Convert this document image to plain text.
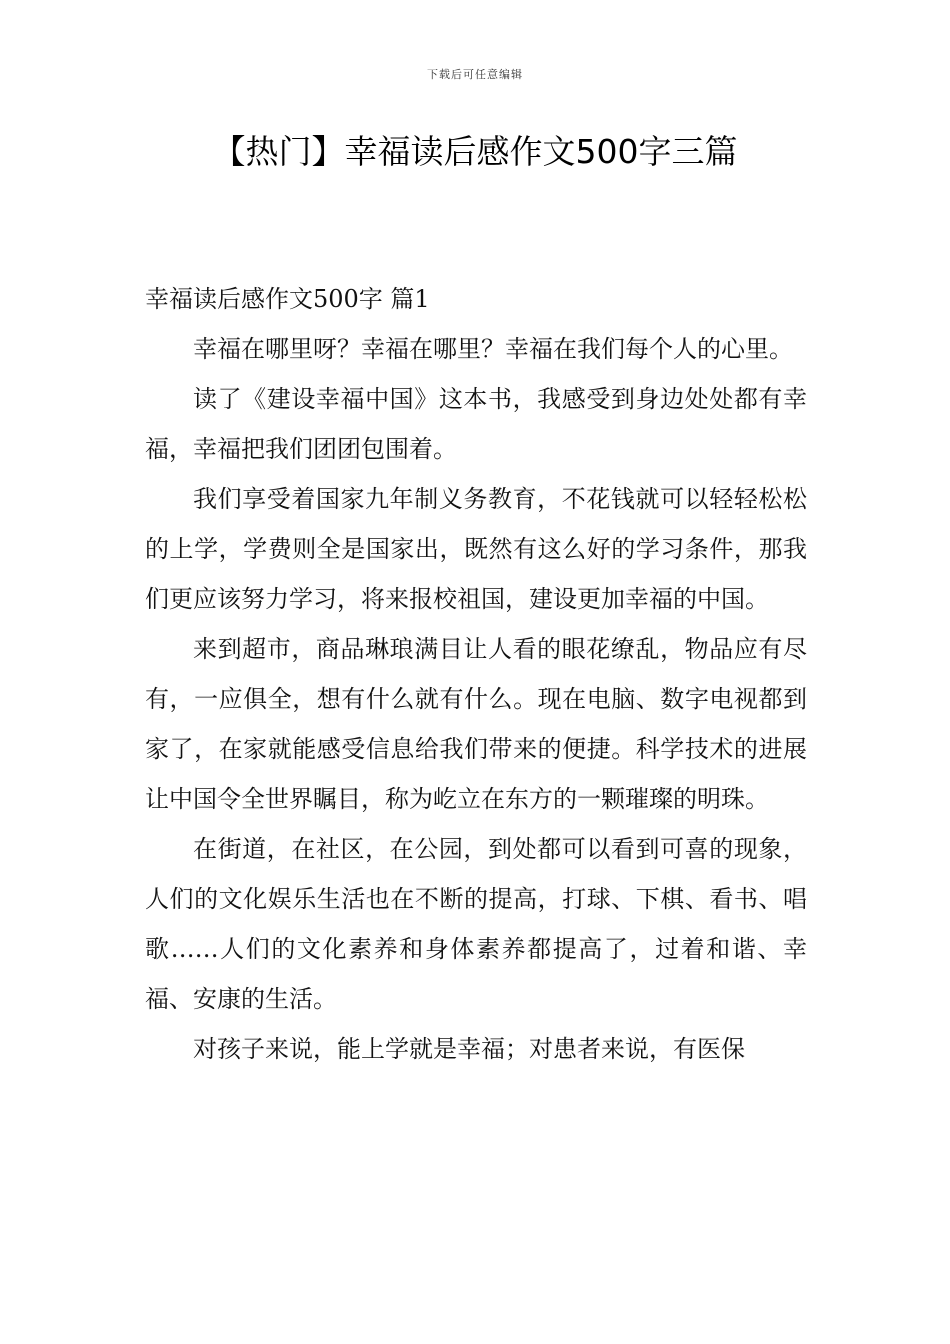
下载后可任意编辑
【热门】幸福读后感作文500字三篇
幸福读后感作文500字 篇1

幸福在哪里呀？幸福在哪里？幸福在我们每个人的心里。

读了《建设幸福中国》这本书，我感受到身边处处都有幸福，幸福把我们团团包围着。

我们享受着国家九年制义务教育，不花钱就可以轻轻松松的上学，学费则全是国家出，既然有这么好的学习条件，那我们更应该努力学习，将来报校祖国，建设更加幸福的中国。

来到超市，商品琳琅满目让人看的眼花缭乱，物品应有尽有，一应俱全，想有什么就有什么。现在电脑、数字电视都到家了，在家就能感受信息给我们带来的便捷。科学技术的进展让中国令全世界瞩目，称为屹立在东方的一颗璀璨的明珠。

在街道，在社区，在公园，到处都可以看到可喜的现象，人们的文化娱乐生活也在不断的提高，打球、下棋、看书、唱歌……人们的文化素养和身体素养都提高了，过着和谐、幸福、安康的生活。

对孩子来说，能上学就是幸福；对患者来说，有医保
